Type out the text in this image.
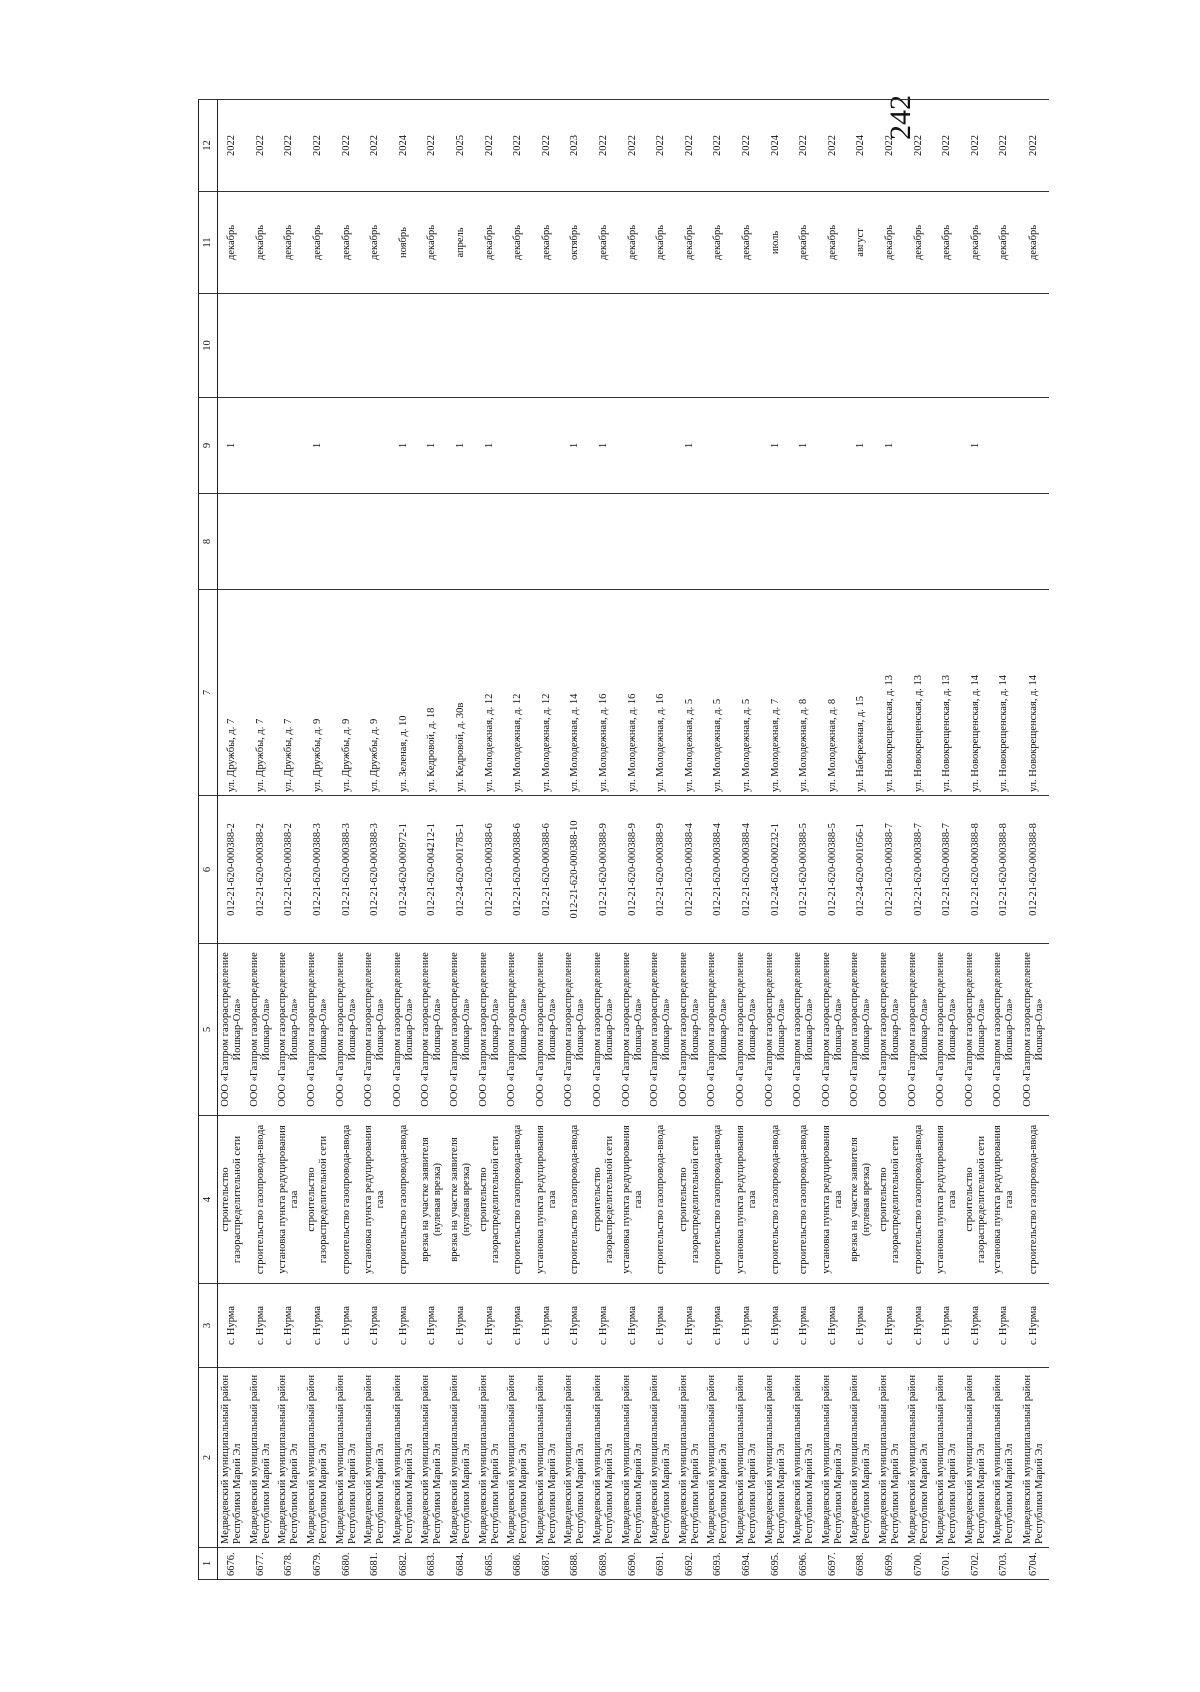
242
1	2	3	4	5	6	7	8	9	10	11	12
6676.	Медведевский муниципальный район Республики Марий Эл	с. Нурма	строительство газораспределительной сети	ООО «Газпром газораспределение Йошкар-Ола»	012-21-620-000388-2	ул. Дружбы, д. 7		1		декабрь	2022
6677.	Медведевский муниципальный район Республики Марий Эл	с. Нурма	строительство газопровода-ввода	ООО «Газпром газораспределение Йошкар-Ола»	012-21-620-000388-2	ул. Дружбы, д. 7				декабрь	2022
6678.	Медведевский муниципальный район Республики Марий Эл	с. Нурма	установка пункта редуцирования газа	ООО «Газпром газораспределение Йошкар-Ола»	012-21-620-000388-2	ул. Дружбы, д. 7				декабрь	2022
6679.	Медведевский муниципальный район Республики Марий Эл	с. Нурма	строительство газораспределительной сети	ООО «Газпром газораспределение Йошкар-Ола»	012-21-620-000388-3	ул. Дружбы, д. 9		1		декабрь	2022
6680.	Медведевский муниципальный район Республики Марий Эл	с. Нурма	строительство газопровода-ввода	ООО «Газпром газораспределение Йошкар-Ола»	012-21-620-000388-3	ул. Дружбы, д. 9				декабрь	2022
6681.	Медведевский муниципальный район Республики Марий Эл	с. Нурма	установка пункта редуцирования газа	ООО «Газпром газораспределение Йошкар-Ола»	012-21-620-000388-3	ул. Дружбы, д. 9				декабрь	2022
6682.	Медведевский муниципальный район Республики Марий Эл	с. Нурма	строительство газопровода-ввода	ООО «Газпром газораспределение Йошкар-Ола»	012-24-620-000972-1	ул. Зеленая, д. 10		1		ноябрь	2024
6683.	Медведевский муниципальный район Республики Марий Эл	с. Нурма	врезка на участке заявителя (нулевая врезка)	ООО «Газпром газораспределение Йошкар-Ола»	012-21-620-004212-1	ул. Кедровой, д. 18		1		декабрь	2022
6684.	Медведевский муниципальный район Республики Марий Эл	с. Нурма	врезка на участке заявителя (нулевая врезка)	ООО «Газпром газораспределение Йошкар-Ола»	012-24-620-001785-1	ул. Кедровой, д. 30в		1		апрель	2025
6685.	Медведевский муниципальный район Республики Марий Эл	с. Нурма	строительство газораспределительной сети	ООО «Газпром газораспределение Йошкар-Ола»	012-21-620-000388-6	ул. Молодежная, д. 12		1		декабрь	2022
6686.	Медведевский муниципальный район Республики Марий Эл	с. Нурма	строительство газопровода-ввода	ООО «Газпром газораспределение Йошкар-Ола»	012-21-620-000388-6	ул. Молодежная, д. 12				декабрь	2022
6687.	Медведевский муниципальный район Республики Марий Эл	с. Нурма	установка пункта редуцирования газа	ООО «Газпром газораспределение Йошкар-Ола»	012-21-620-000388-6	ул. Молодежная, д. 12				декабрь	2022
6688.	Медведевский муниципальный район Республики Марий Эл	с. Нурма	строительство газопровода-ввода	ООО «Газпром газораспределение Йошкар-Ола»	012-21-620-000388-10	ул. Молодежная, д. 14		1		октябрь	2023
6689.	Медведевский муниципальный район Республики Марий Эл	с. Нурма	строительство газораспределительной сети	ООО «Газпром газораспределение Йошкар-Ола»	012-21-620-000388-9	ул. Молодежная, д. 16		1		декабрь	2022
6690.	Медведевский муниципальный район Республики Марий Эл	с. Нурма	установка пункта редуцирования газа	ООО «Газпром газораспределение Йошкар-Ола»	012-21-620-000388-9	ул. Молодежная, д. 16				декабрь	2022
6691.	Медведевский муниципальный район Республики Марий Эл	с. Нурма	строительство газопровода-ввода	ООО «Газпром газораспределение Йошкар-Ола»	012-21-620-000388-9	ул. Молодежная, д. 16				декабрь	2022
6692.	Медведевский муниципальный район Республики Марий Эл	с. Нурма	строительство газораспределительной сети	ООО «Газпром газораспределение Йошкар-Ола»	012-21-620-000388-4	ул. Молодежная, д. 5		1		декабрь	2022
6693.	Медведевский муниципальный район Республики Марий Эл	с. Нурма	строительство газопровода-ввода	ООО «Газпром газораспределение Йошкар-Ола»	012-21-620-000388-4	ул. Молодежная, д. 5				декабрь	2022
6694.	Медведевский муниципальный район Республики Марий Эл	с. Нурма	установка пункта редуцирования газа	ООО «Газпром газораспределение Йошкар-Ола»	012-21-620-000388-4	ул. Молодежная, д. 5				декабрь	2022
6695.	Медведевский муниципальный район Республики Марий Эл	с. Нурма	строительство газопровода-ввода	ООО «Газпром газораспределение Йошкар-Ола»	012-24-620-000232-1	ул. Молодежная, д. 7		1		июль	2024
6696.	Медведевский муниципальный район Республики Марий Эл	с. Нурма	строительство газопровода-ввода	ООО «Газпром газораспределение Йошкар-Ола»	012-21-620-000388-5	ул. Молодежная, д. 8		1		декабрь	2022
6697.	Медведевский муниципальный район Республики Марий Эл	с. Нурма	установка пункта редуцирования газа	ООО «Газпром газораспределение Йошкар-Ола»	012-21-620-000388-5	ул. Молодежная, д. 8				декабрь	2022
6698.	Медведевский муниципальный район Республики Марий Эл	с. Нурма	врезка на участке заявителя (нулевая врезка)	ООО «Газпром газораспределение Йошкар-Ола»	012-24-620-001056-1	ул. Набережная, д. 15		1		август	2024
6699.	Медведевский муниципальный район Республики Марий Эл	с. Нурма	строительство газораспределительной сети	ООО «Газпром газораспределение Йошкар-Ола»	012-21-620-000388-7	ул. Новокрещенская, д. 13		1		декабрь	2022
6700.	Медведевский муниципальный район Республики Марий Эл	с. Нурма	строительство газопровода-ввода	ООО «Газпром газораспределение Йошкар-Ола»	012-21-620-000388-7	ул. Новокрещенская, д. 13				декабрь	2022
6701.	Медведевский муниципальный район Республики Марий Эл	с. Нурма	установка пункта редуцирования газа	ООО «Газпром газораспределение Йошкар-Ола»	012-21-620-000388-7	ул. Новокрещенская, д. 13				декабрь	2022
6702.	Медведевский муниципальный район Республики Марий Эл	с. Нурма	строительство газораспределительной сети	ООО «Газпром газораспределение Йошкар-Ола»	012-21-620-000388-8	ул. Новокрещенская, д. 14		1		декабрь	2022
6703.	Медведевский муниципальный район Республики Марий Эл	с. Нурма	установка пункта редуцирования газа	ООО «Газпром газораспределение Йошкар-Ола»	012-21-620-000388-8	ул. Новокрещенская, д. 14				декабрь	2022
6704.	Медведевский муниципальный район Республики Марий Эл	с. Нурма	строительство газопровода-ввода	ООО «Газпром газораспределение Йошкар-Ола»	012-21-620-000388-8	ул. Новокрещенская, д. 14				декабрь	2022
